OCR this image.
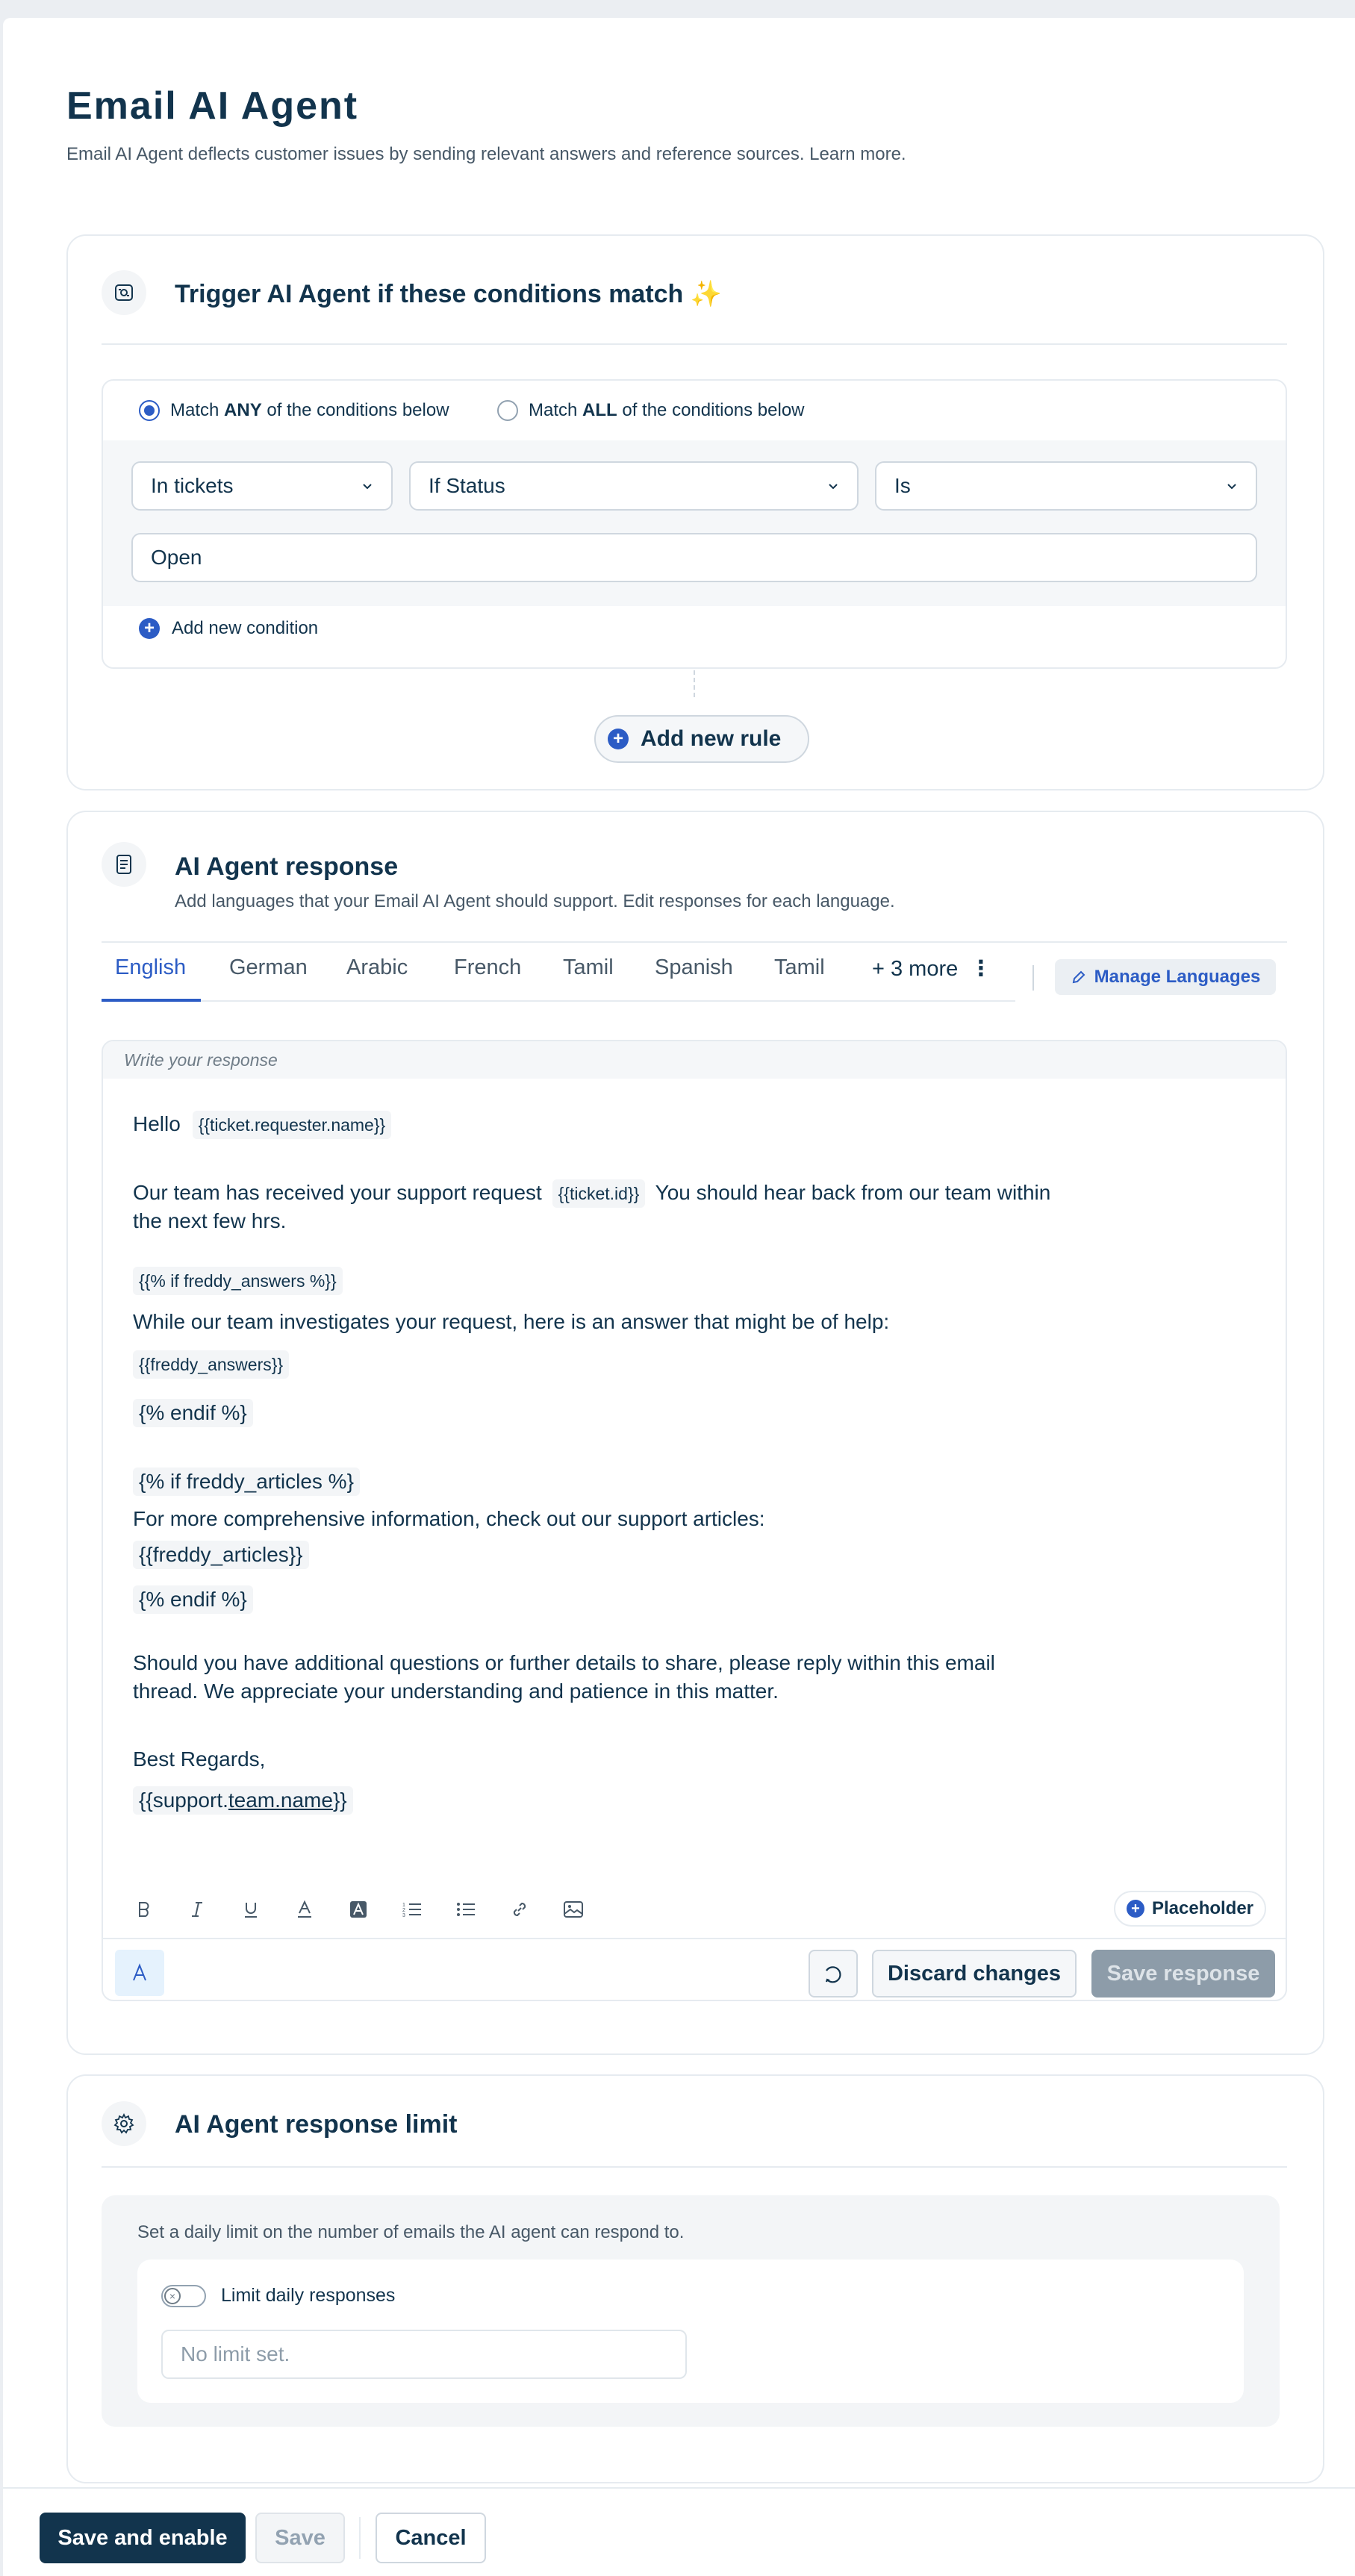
Email AI Agent
Email AI Agent deflects customer issues by sending relevant answers and reference sources. Learn more.
Trigger AI Agent if these conditions match ✨
Match ANY of the conditions below	Match ALL of the conditions below
In tickets	If Status	Is
Open
+ Add new condition
+ Add new rule
AI Agent response
Add languages that your Email AI Agent should support. Edit responses for each language.
English German Arabic French Tamil Spanish Tamil + 3 more ⋮	Manage Languages
Write your response
Hello {{ticket.requester.name}}
Our team has received your support request {{ticket.id}} You should hear back from our team within
the next few hrs.
{{% if freddy_answers %}}
While our team investigates your request, here is an answer that might be of help:
{{freddy_answers}}
{% endif %}
{% if freddy_articles %}
For more comprehensive information, check out our support articles:
{{freddy_articles}}
{% endif %}
Should you have additional questions or further details to share, please reply within this email
thread. We appreciate your understanding and patience in this matter.
Best Regards,
{{support.team.name}}
1
2
3	+ Placeholder
Discard changes	Save response
AI Agent response limit
Set a daily limit on the number of emails the AI agent can respond to.
× Limit daily responses
No limit set.
Save and enable	Save	Cancel
